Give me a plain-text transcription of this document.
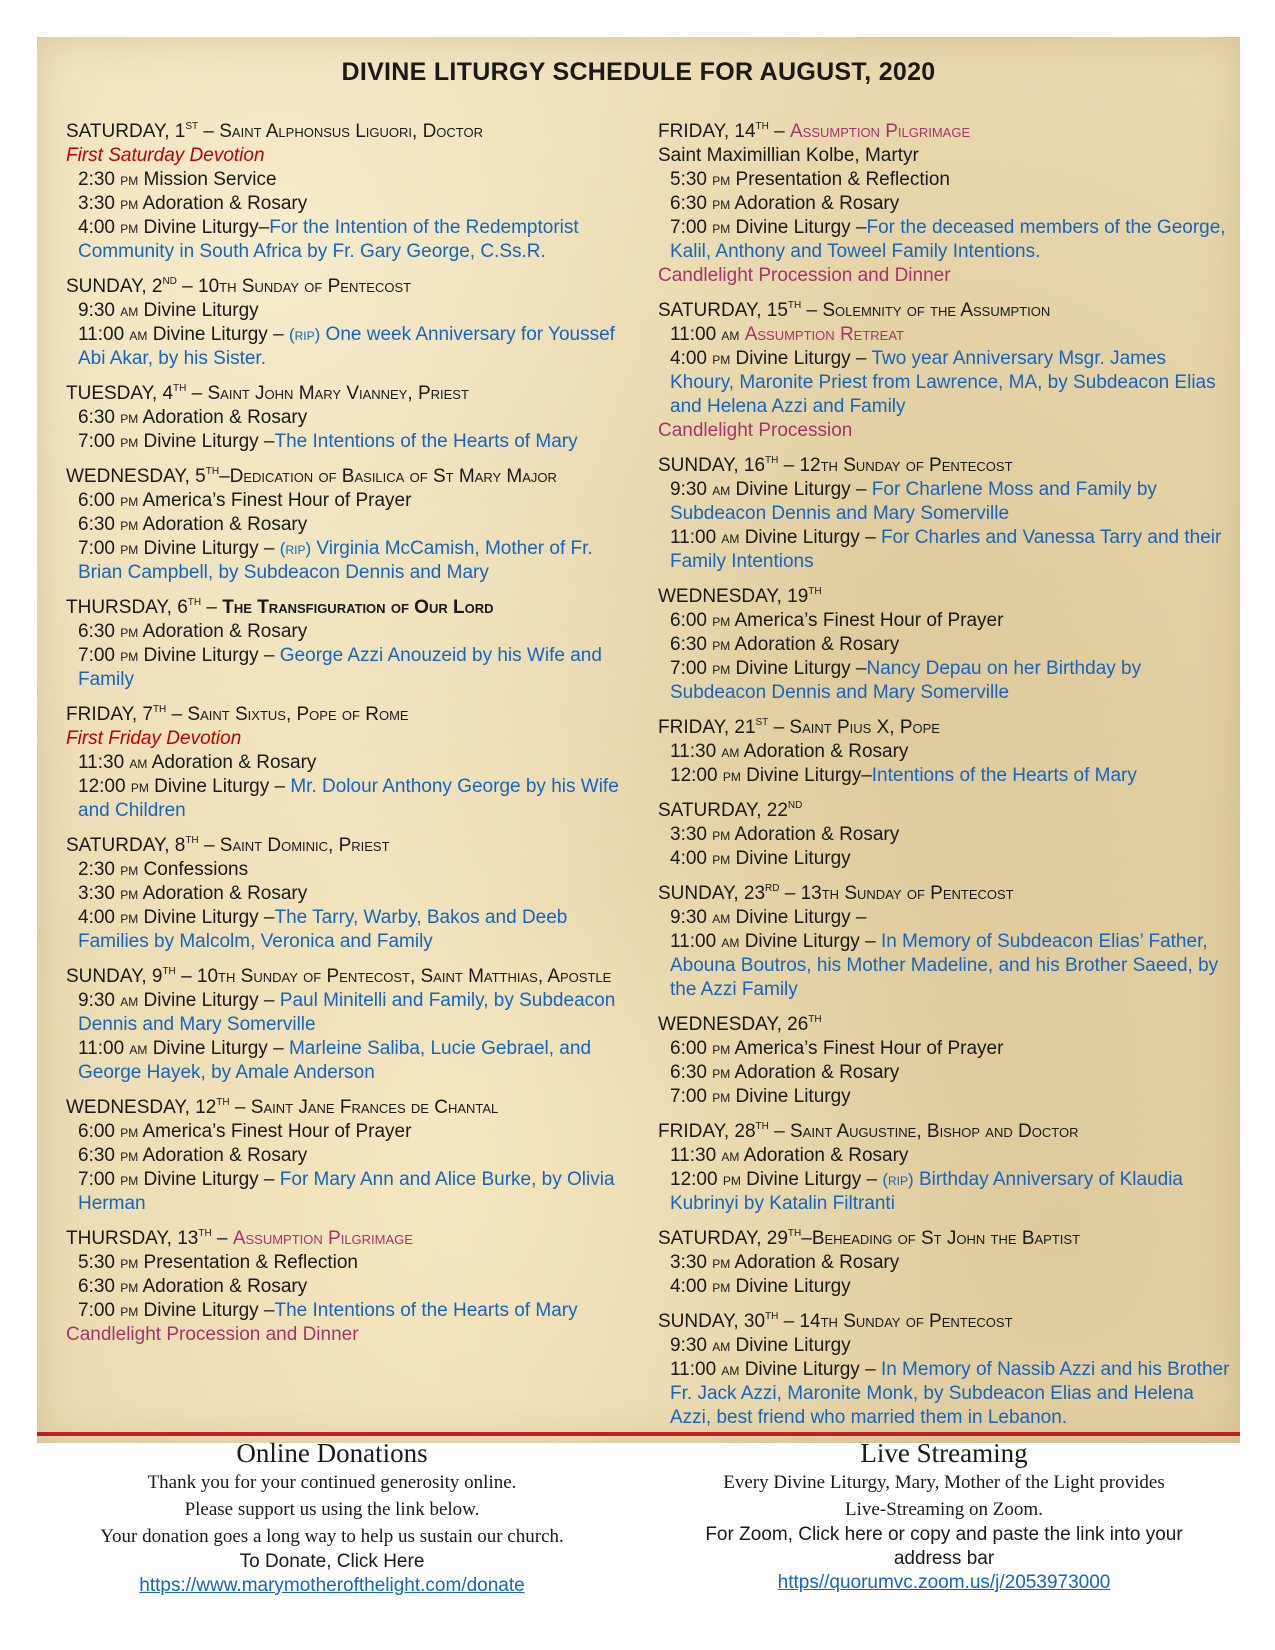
DIVINE LITURGY SCHEDULE FOR AUGUST, 2020
SATURDAY, 1ST – Saint Alphonsus Liguori, Doctor
First Saturday Devotion
2:30 pm Mission Service
3:30 pm Adoration & Rosary
4:00 pm Divine Liturgy–For the Intention of the Redemptorist Community in South Africa by Fr. Gary George, C.Ss.R.
SUNDAY, 2ND – 10th Sunday of Pentecost
9:30 am Divine Liturgy
11:00 am Divine Liturgy – (rip) One week Anniversary for Youssef Abi Akar, by his Sister.
TUESDAY, 4TH – Saint John Mary Vianney, Priest
6:30 pm Adoration & Rosary
7:00 pm Divine Liturgy –The Intentions of the Hearts of Mary
WEDNESDAY, 5TH–Dedication of Basilica of St Mary Major
6:00 pm America’s Finest Hour of Prayer
6:30 pm Adoration & Rosary
7:00 pm Divine Liturgy – (rip) Virginia McCamish, Mother of Fr. Brian Campbell, by Subdeacon Dennis and Mary
THURSDAY, 6TH – The Transfiguration of Our Lord
6:30 pm Adoration & Rosary
7:00 pm Divine Liturgy – George Azzi Anouzeid by his Wife and Family
FRIDAY, 7TH – Saint Sixtus, Pope of Rome
First Friday Devotion
11:30 am Adoration & Rosary
12:00 pm Divine Liturgy – Mr. Dolour Anthony George by his Wife and Children
SATURDAY, 8TH – Saint Dominic, Priest
2:30 pm Confessions
3:30 pm Adoration & Rosary
4:00 pm Divine Liturgy –The Tarry, Warby, Bakos and Deeb Families by Malcolm, Veronica and Family
SUNDAY, 9TH – 10th Sunday of Pentecost, Saint Matthias, Apostle
9:30 am Divine Liturgy – Paul Minitelli and Family, by Subdeacon Dennis and Mary Somerville
11:00 am Divine Liturgy – Marleine Saliba, Lucie Gebrael, and George Hayek, by Amale Anderson
WEDNESDAY, 12TH – Saint Jane Frances de Chantal
6:00 pm America’s Finest Hour of Prayer
6:30 pm Adoration & Rosary
7:00 pm Divine Liturgy – For Mary Ann and Alice Burke, by Olivia Herman
THURSDAY, 13TH – Assumption Pilgrimage
5:30 pm Presentation & Reflection
6:30 pm Adoration & Rosary
7:00 pm Divine Liturgy –The Intentions of the Hearts of Mary
Candlelight Procession and Dinner
FRIDAY, 14TH – Assumption Pilgrimage
Saint Maximillian Kolbe, Martyr
5:30 pm Presentation & Reflection
6:30 pm Adoration & Rosary
7:00 pm Divine Liturgy –For the deceased members of the George, Kalil, Anthony and Toweel Family Intentions.
Candlelight Procession and Dinner
SATURDAY, 15TH – Solemnity of the Assumption
11:00 am Assumption Retreat
4:00 pm Divine Liturgy – Two year Anniversary Msgr. James Khoury, Maronite Priest from Lawrence, MA, by Subdeacon Elias and Helena Azzi and Family
Candlelight Procession
SUNDAY, 16TH – 12th Sunday of Pentecost
9:30 am Divine Liturgy – For Charlene Moss and Family by Subdeacon Dennis and Mary Somerville
11:00 am Divine Liturgy – For Charles and Vanessa Tarry and their Family Intentions
WEDNESDAY, 19TH
6:00 pm America’s Finest Hour of Prayer
6:30 pm Adoration & Rosary
7:00 pm Divine Liturgy –Nancy Depau on her Birthday by Subdeacon Dennis and Mary Somerville
FRIDAY, 21ST – Saint Pius X, Pope
11:30 am Adoration & Rosary
12:00 pm Divine Liturgy–Intentions of the Hearts of Mary
SATURDAY, 22ND
3:30 pm Adoration & Rosary
4:00 pm Divine Liturgy
SUNDAY, 23RD – 13th Sunday of Pentecost
9:30 am Divine Liturgy –
11:00 am Divine Liturgy – In Memory of Subdeacon Elias’ Father, Abouna Boutros, his Mother Madeline, and his Brother Saeed, by the Azzi Family
WEDNESDAY, 26TH
6:00 pm America’s Finest Hour of Prayer
6:30 pm Adoration & Rosary
7:00 pm Divine Liturgy
FRIDAY, 28TH – Saint Augustine, Bishop and Doctor
11:30 am Adoration & Rosary
12:00 pm Divine Liturgy – (rip) Birthday Anniversary of Klaudia Kubrinyi by Katalin Filtranti
SATURDAY, 29TH–Beheading of St John the Baptist
3:30 pm Adoration & Rosary
4:00 pm Divine Liturgy
SUNDAY, 30TH – 14th Sunday of Pentecost
9:30 am Divine Liturgy
11:00 am Divine Liturgy – In Memory of Nassib Azzi and his Brother Fr. Jack Azzi, Maronite Monk, by Subdeacon Elias and Helena Azzi, best friend who married them in Lebanon.
Online Donations
Thank you for your continued generosity online.
Please support us using the link below.
Your donation goes a long way to help us sustain our church.
To Donate, Click Here
https://www.marymotherofthelight.com/donate
Live Streaming
Every Divine Liturgy, Mary, Mother of the Light provides
Live-Streaming on Zoom.
For Zoom, Click here or copy and paste the link into your address bar
https//quorumvc.zoom.us/j/2053973000
